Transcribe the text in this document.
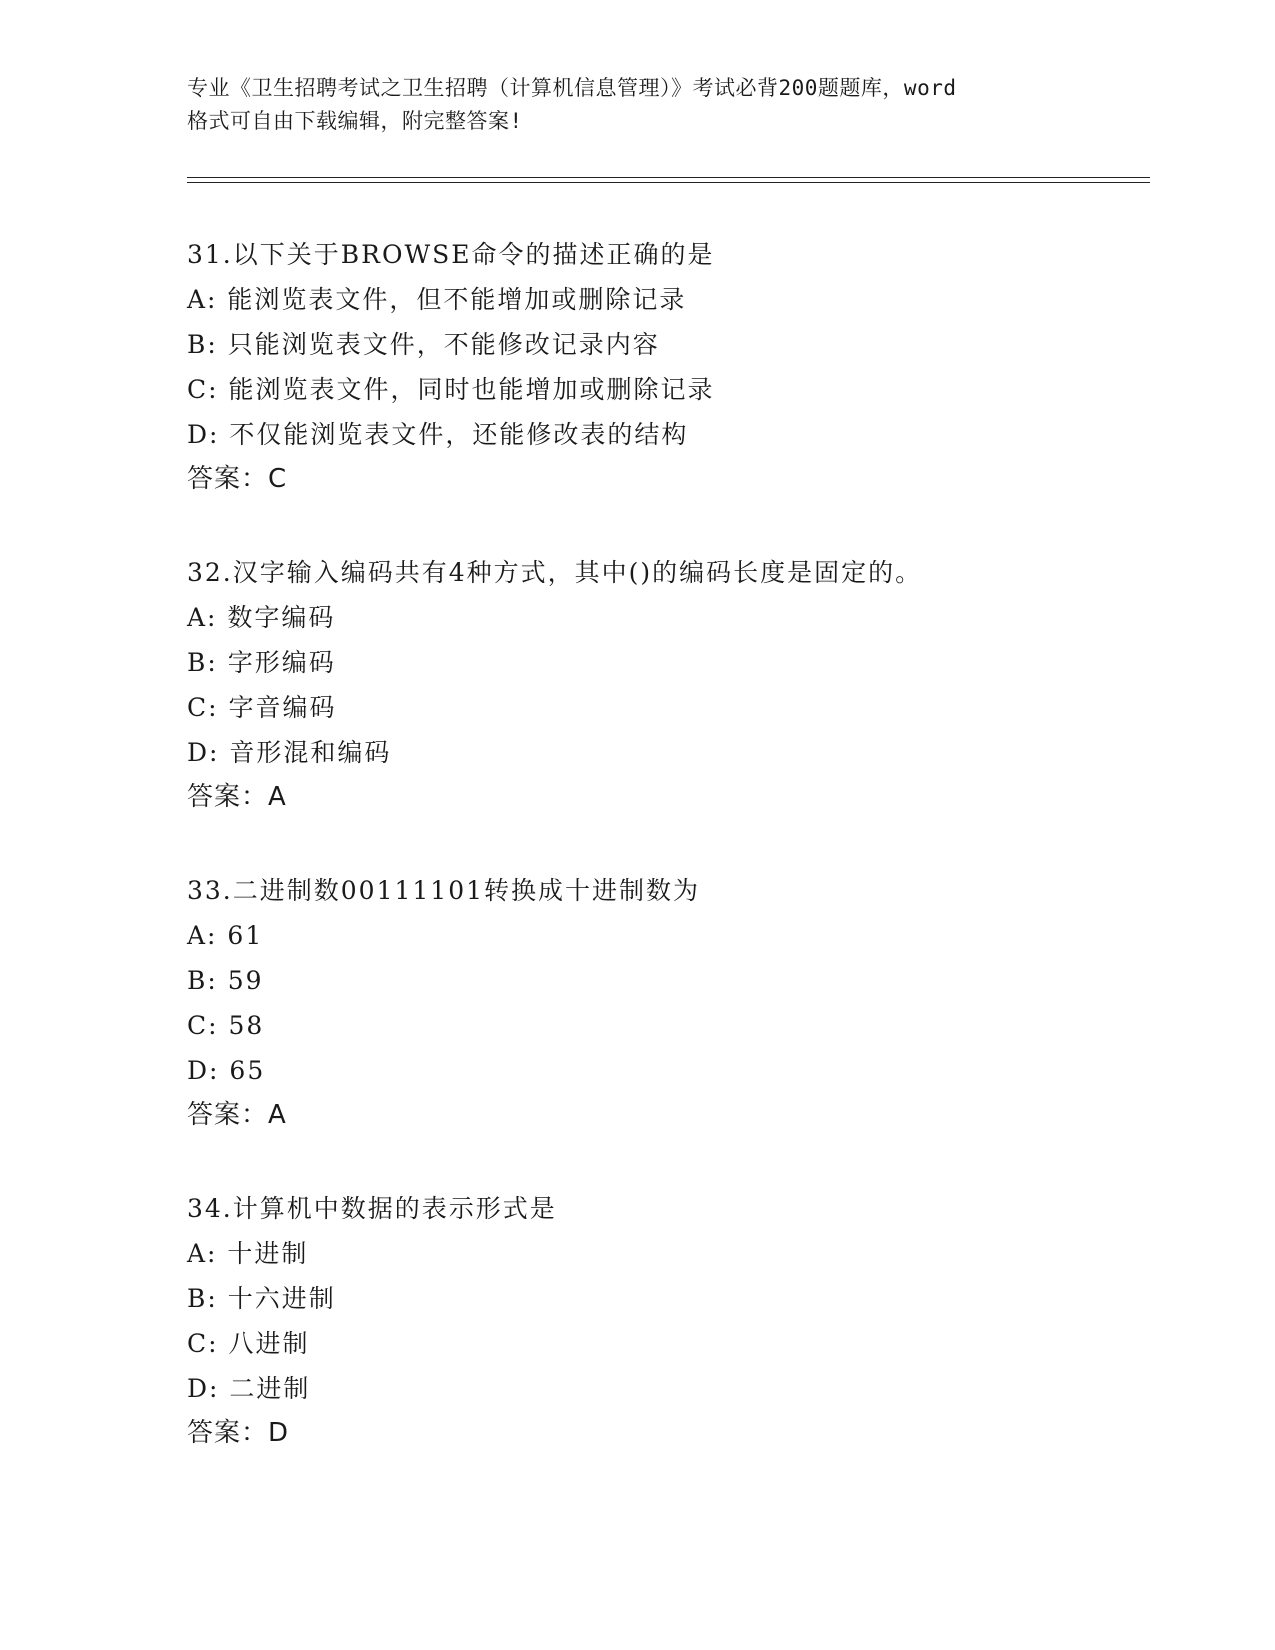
专业《卫生招聘考试之卫生招聘（计算机信息管理）》考试必背200题题库，word
格式可自由下载编辑，附完整答案!
31.以下关于BROWSE命令的描述正确的是
A: 能浏览表文件，但不能增加或删除记录
B: 只能浏览表文件，不能修改记录内容
C: 能浏览表文件，同时也能增加或删除记录
D: 不仅能浏览表文件，还能修改表的结构
答案：C
32.汉字输入编码共有4种方式，其中()的编码长度是固定的。
A: 数字编码
B: 字形编码
C: 字音编码
D: 音形混和编码
答案：A
33.二进制数00111101转换成十进制数为
A: 61
B: 59
C: 58
D: 65
答案：A
34.计算机中数据的表示形式是
A: 十进制
B: 十六进制
C: 八进制
D: 二进制
答案：D
